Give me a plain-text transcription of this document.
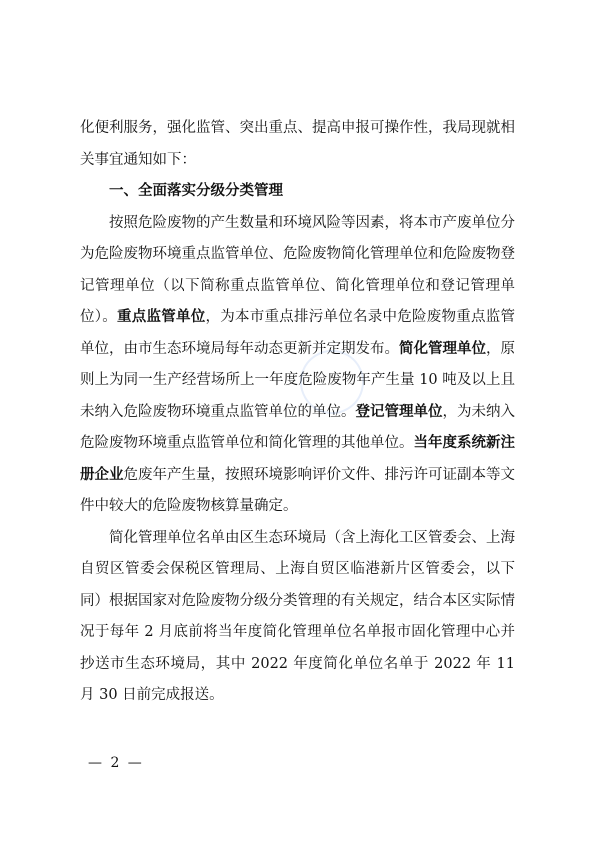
化便利服务，强化监管、突出重点、提高申报可操作性，我局现就相关事宜通知如下：

一、全面落实分级分类管理

按照危险废物的产生数量和环境风险等因素，将本市产废单位分为危险废物环境重点监管单位、危险废物简化管理单位和危险废物登记管理单位（以下简称重点监管单位、简化管理单位和登记管理单位）。重点监管单位，为本市重点排污单位名录中危险废物重点监管单位，由市生态环境局每年动态更新并定期发布。简化管理单位，原则上为同一生产经营场所上一年度危险废物年产生量 10 吨及以上且未纳入危险废物环境重点监管单位的单位。登记管理单位，为未纳入危险废物环境重点监管单位和简化管理的其他单位。当年度系统新注册企业危废年产生量，按照环境影响评价文件、排污许可证副本等文件中较大的危险废物核算量确定。

简化管理单位名单由区生态环境局（含上海化工区管委会、上海自贸区管委会保税区管理局、上海自贸区临港新片区管委会，以下同）根据国家对危险废物分级分类管理的有关规定，结合本区实际情况于每年 2 月底前将当年度简化管理单位名单报市固化管理中心并抄送市生态环境局，其中 2022 年度简化单位名单于 2022 年 11 月 30 日前完成报送。

— 2 —
